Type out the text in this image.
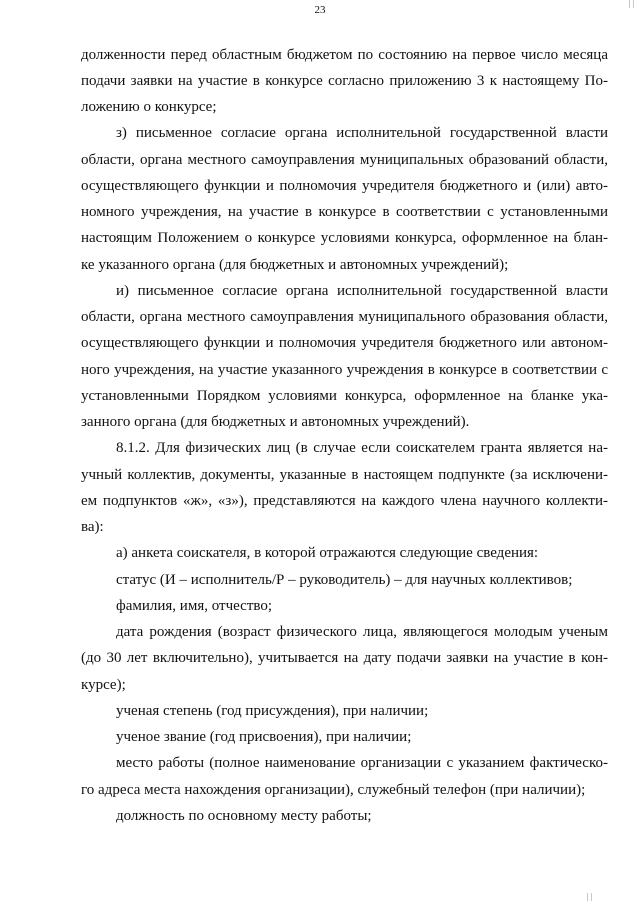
| |
23
долженности перед областным бюджетом по состоянию на первое число месяца
подачи заявки на участие в конкурсе согласно приложению 3 к настоящему По-
ложению о конкурсе;
з) письменное согласие органа исполнительной государственной власти
области, органа местного самоуправления муниципальных образований области,
осуществляющего функции и полномочия учредителя бюджетного и (или) авто-
номного учреждения, на участие в конкурсе в соответствии с установленными
настоящим Положением о конкурсе условиями конкурса, оформленное на блан-
ке указанного органа (для бюджетных и автономных учреждений);
и) письменное согласие органа исполнительной государственной власти
области, органа местного самоуправления муниципального образования области,
осуществляющего функции и полномочия учредителя бюджетного или автоном-
ного учреждения, на участие указанного учреждения в конкурсе в соответствии с
установленными Порядком условиями конкурса, оформленное на бланке ука-
занного органа (для бюджетных и автономных учреждений).
8.1.2. Для физических лиц (в случае если соискателем гранта является на-
учный коллектив, документы, указанные в настоящем подпункте (за исключени-
ем подпунктов «ж», «з»), представляются на каждого члена научного коллекти-
ва):
а) анкета соискателя, в которой отражаются следующие сведения:
статус (И – исполнитель/Р – руководитель) – для научных коллективов;
фамилия, имя, отчество;
дата рождения (возраст физического лица, являющегося молодым ученым
(до 30 лет включительно), учитывается на дату подачи заявки на участие в кон-
курсе);
ученая степень (год присуждения), при наличии;
ученое звание (год присвоения), при наличии;
место работы (полное наименование организации с указанием фактическо-
го адреса места нахождения организации), служебный телефон (при наличии);
должность по основному месту работы;
| |
